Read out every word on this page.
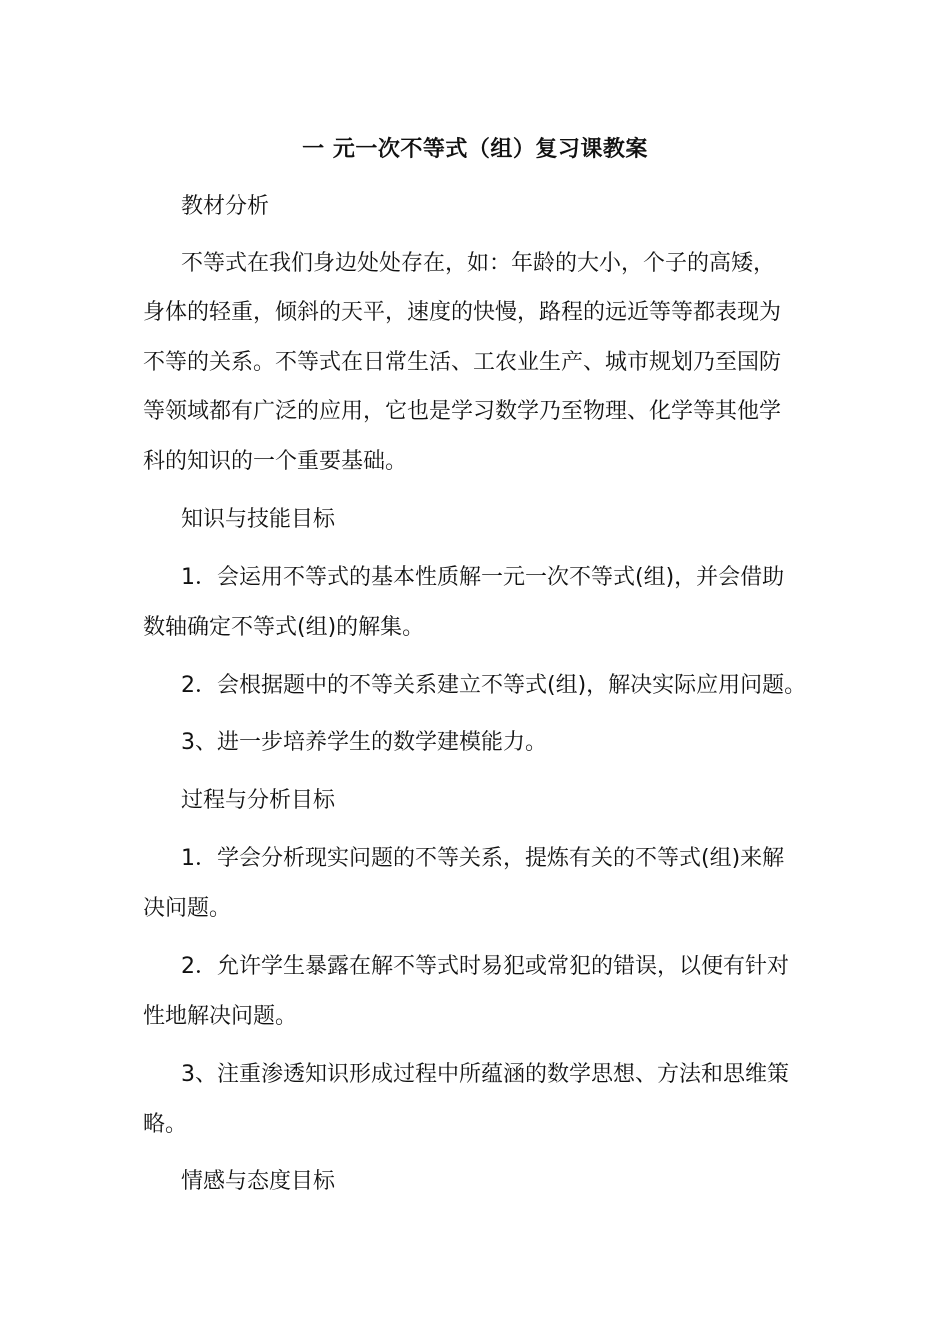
一 元一次不等式（组）复习课教案
教材分析
不等式在我们身边处处存在，如：年龄的大小，个子的高矮，
身体的轻重，倾斜的天平，速度的快慢，路程的远近等等都表现为
不等的关系。不等式在日常生活、工农业生产、城市规划乃至国防
等领域都有广泛的应用，它也是学习数学乃至物理、化学等其他学
科的知识的一个重要基础。
知识与技能目标
1．会运用不等式的基本性质解一元一次不等式(组)，并会借助
数轴确定不等式(组)的解集。
2．会根据题中的不等关系建立不等式(组)，解决实际应用问题。
3、进一步培养学生的数学建模能力。
过程与分析目标
1．学会分析现实问题的不等关系，提炼有关的不等式(组)来解
决问题。
2．允许学生暴露在解不等式时易犯或常犯的错误，以便有针对
性地解决问题。
3、注重渗透知识形成过程中所蕴涵的数学思想、方法和思维策
略。
情感与态度目标
